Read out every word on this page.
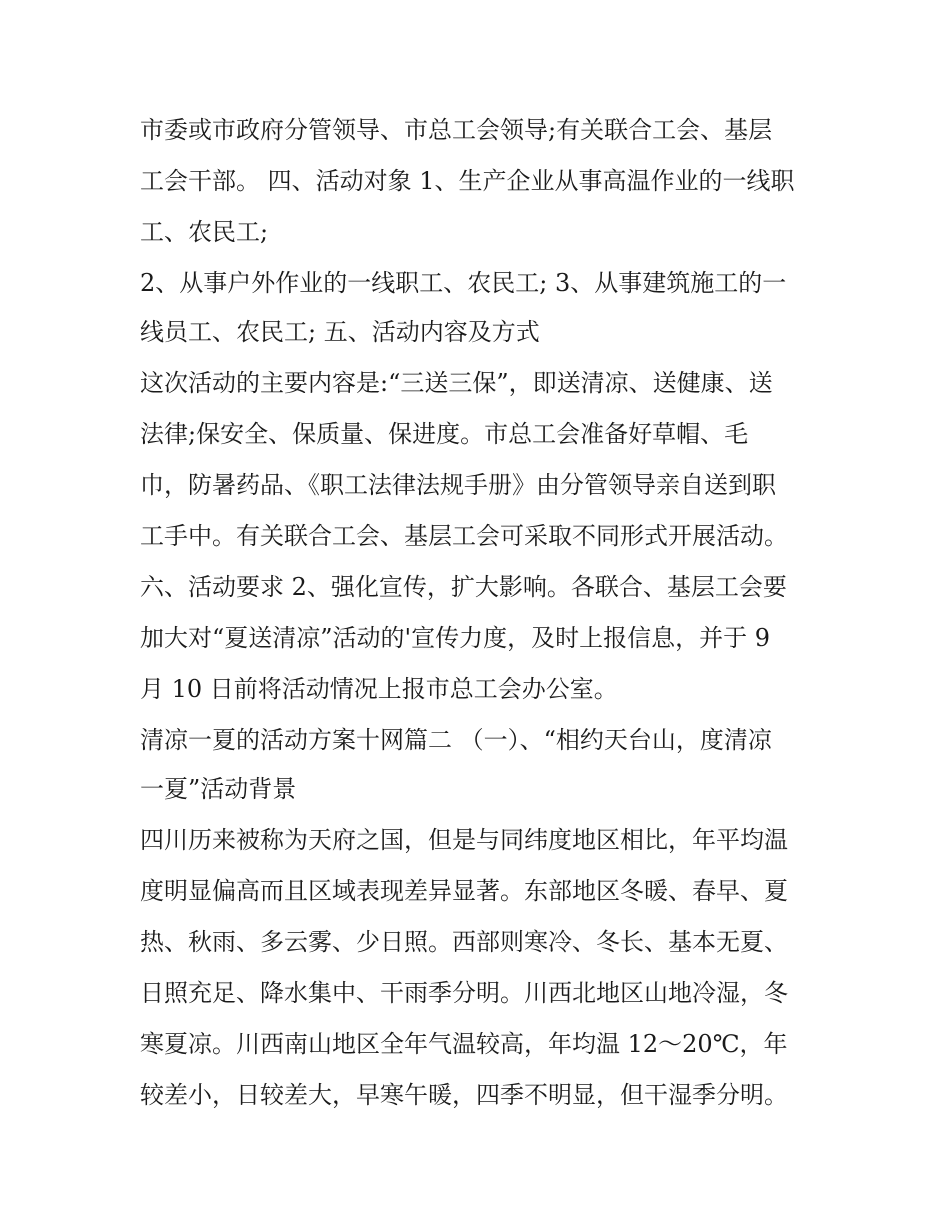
市委或市政府分管领导、市总工会领导;有关联合工会、基层
工会干部。 四、活动对象 1、生产企业从事高温作业的一线职
工、农民工;
2、从事户外作业的一线职工、农民工; 3、从事建筑施工的一
线员工、农民工; 五、活动内容及方式
这次活动的主要内容是:“三送三保”，即送清凉、送健康、送
法律;保安全、保质量、保进度。市总工会准备好草帽、毛
巾，防暑药品、《职工法律法规手册》由分管领导亲自送到职
工手中。有关联合工会、基层工会可采取不同形式开展活动。
六、活动要求 2、强化宣传，扩大影响。各联合、基层工会要
加大对“夏送清凉”活动的'宣传力度，及时上报信息，并于 9
月 10 日前将活动情况上报市总工会办公室。
清凉一夏的活动方案十网篇二 （一）、“相约天台山，度清凉
一夏”活动背景
四川历来被称为天府之国，但是与同纬度地区相比，年平均温
度明显偏高而且区域表现差异显著。东部地区冬暖、春早、夏
热、秋雨、多云雾、少日照。西部则寒冷、冬长、基本无夏、
日照充足、降水集中、干雨季分明。川西北地区山地冷湿，冬
寒夏凉。川西南山地区全年气温较高，年均温 12～20℃，年
较差小，日较差大，早寒午暖，四季不明显，但干湿季分明。
